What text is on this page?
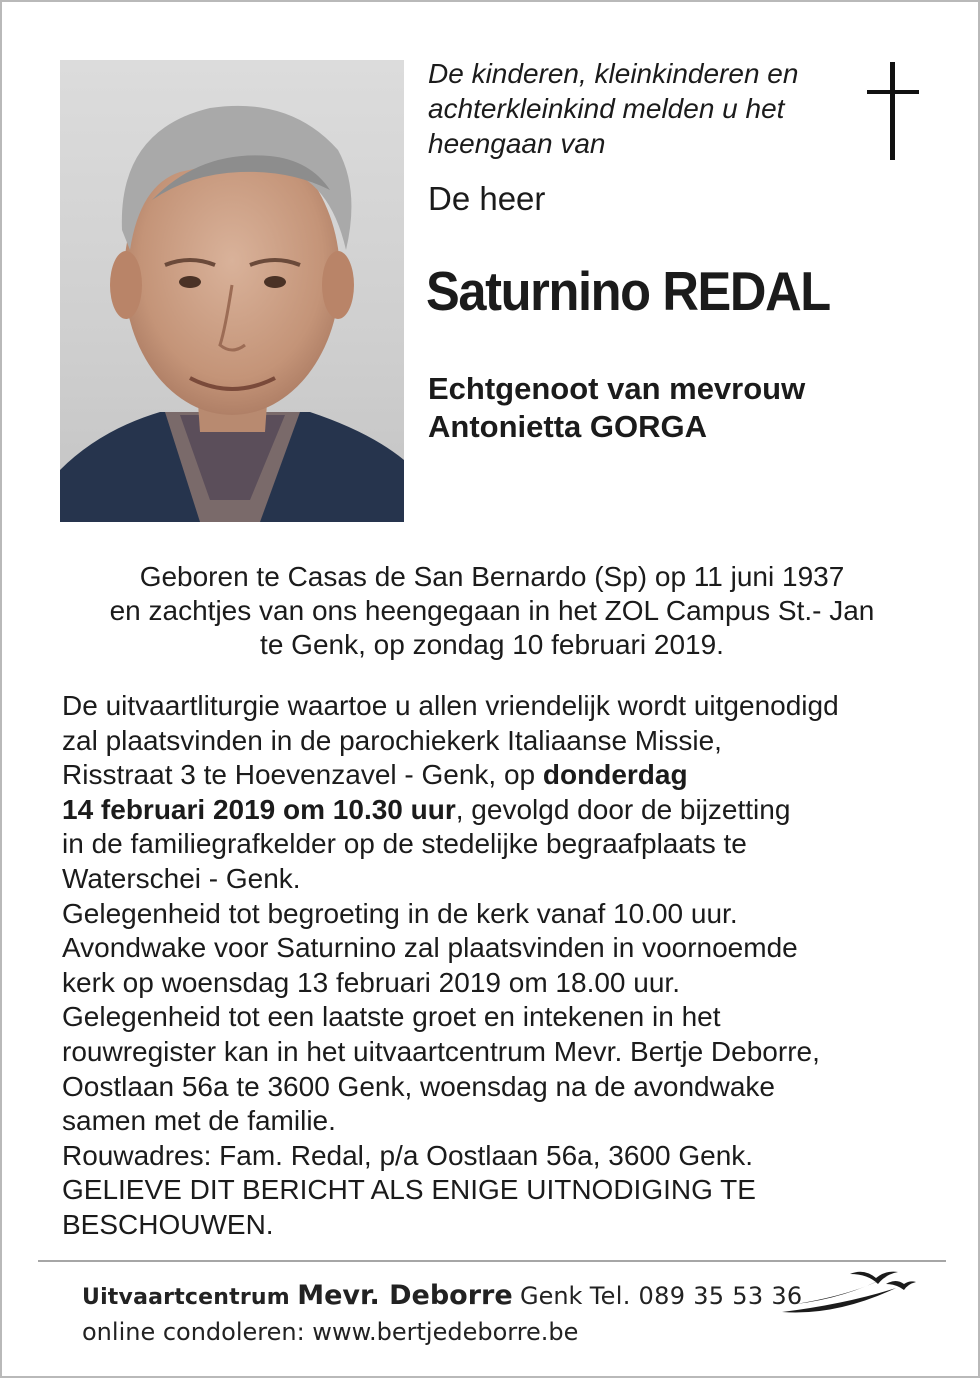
De kinderen, kleinkinderen en
achterkleinkind melden u het
heengaan van
De heer
Saturnino REDAL
Echtgenoot van mevrouw
Antonietta GORGA
Geboren te Casas de San Bernardo (Sp) op 11 juni 1937
en zachtjes van ons heengegaan in het ZOL Campus St.- Jan
te Genk, op zondag 10 februari 2019.

De uitvaartliturgie waartoe u allen vriendelijk wordt uitgenodigd

zal plaatsvinden in de parochiekerk Italiaanse Missie,

Risstraat 3 te Hoevenzavel - Genk, op donderdag

14 februari 2019 om 10.30 uur, gevolgd door de bijzetting

in de familiegrafkelder op de stedelijke begraafplaats te

Waterschei - Genk.

Gelegenheid tot begroeting in de kerk vanaf 10.00 uur.

Avondwake voor Saturnino zal plaatsvinden in voornoemde

kerk op woensdag 13 februari 2019 om 18.00 uur.

Gelegenheid tot een laatste groet en intekenen in het

rouwregister kan in het uitvaartcentrum Mevr. Bertje Deborre,

Oostlaan 56a te 3600 Genk, woensdag na de avondwake

samen met de familie.

Rouwadres: Fam. Redal, p/a Oostlaan 56a, 3600 Genk.

GELIEVE DIT BERICHT ALS ENIGE UITNODIGING TE

BESCHOUWEN.

Uitvaartcentrum Mevr. Deborre Genk Tel. 089 35 53 36
online condoleren: www.bertjedeborre.be
